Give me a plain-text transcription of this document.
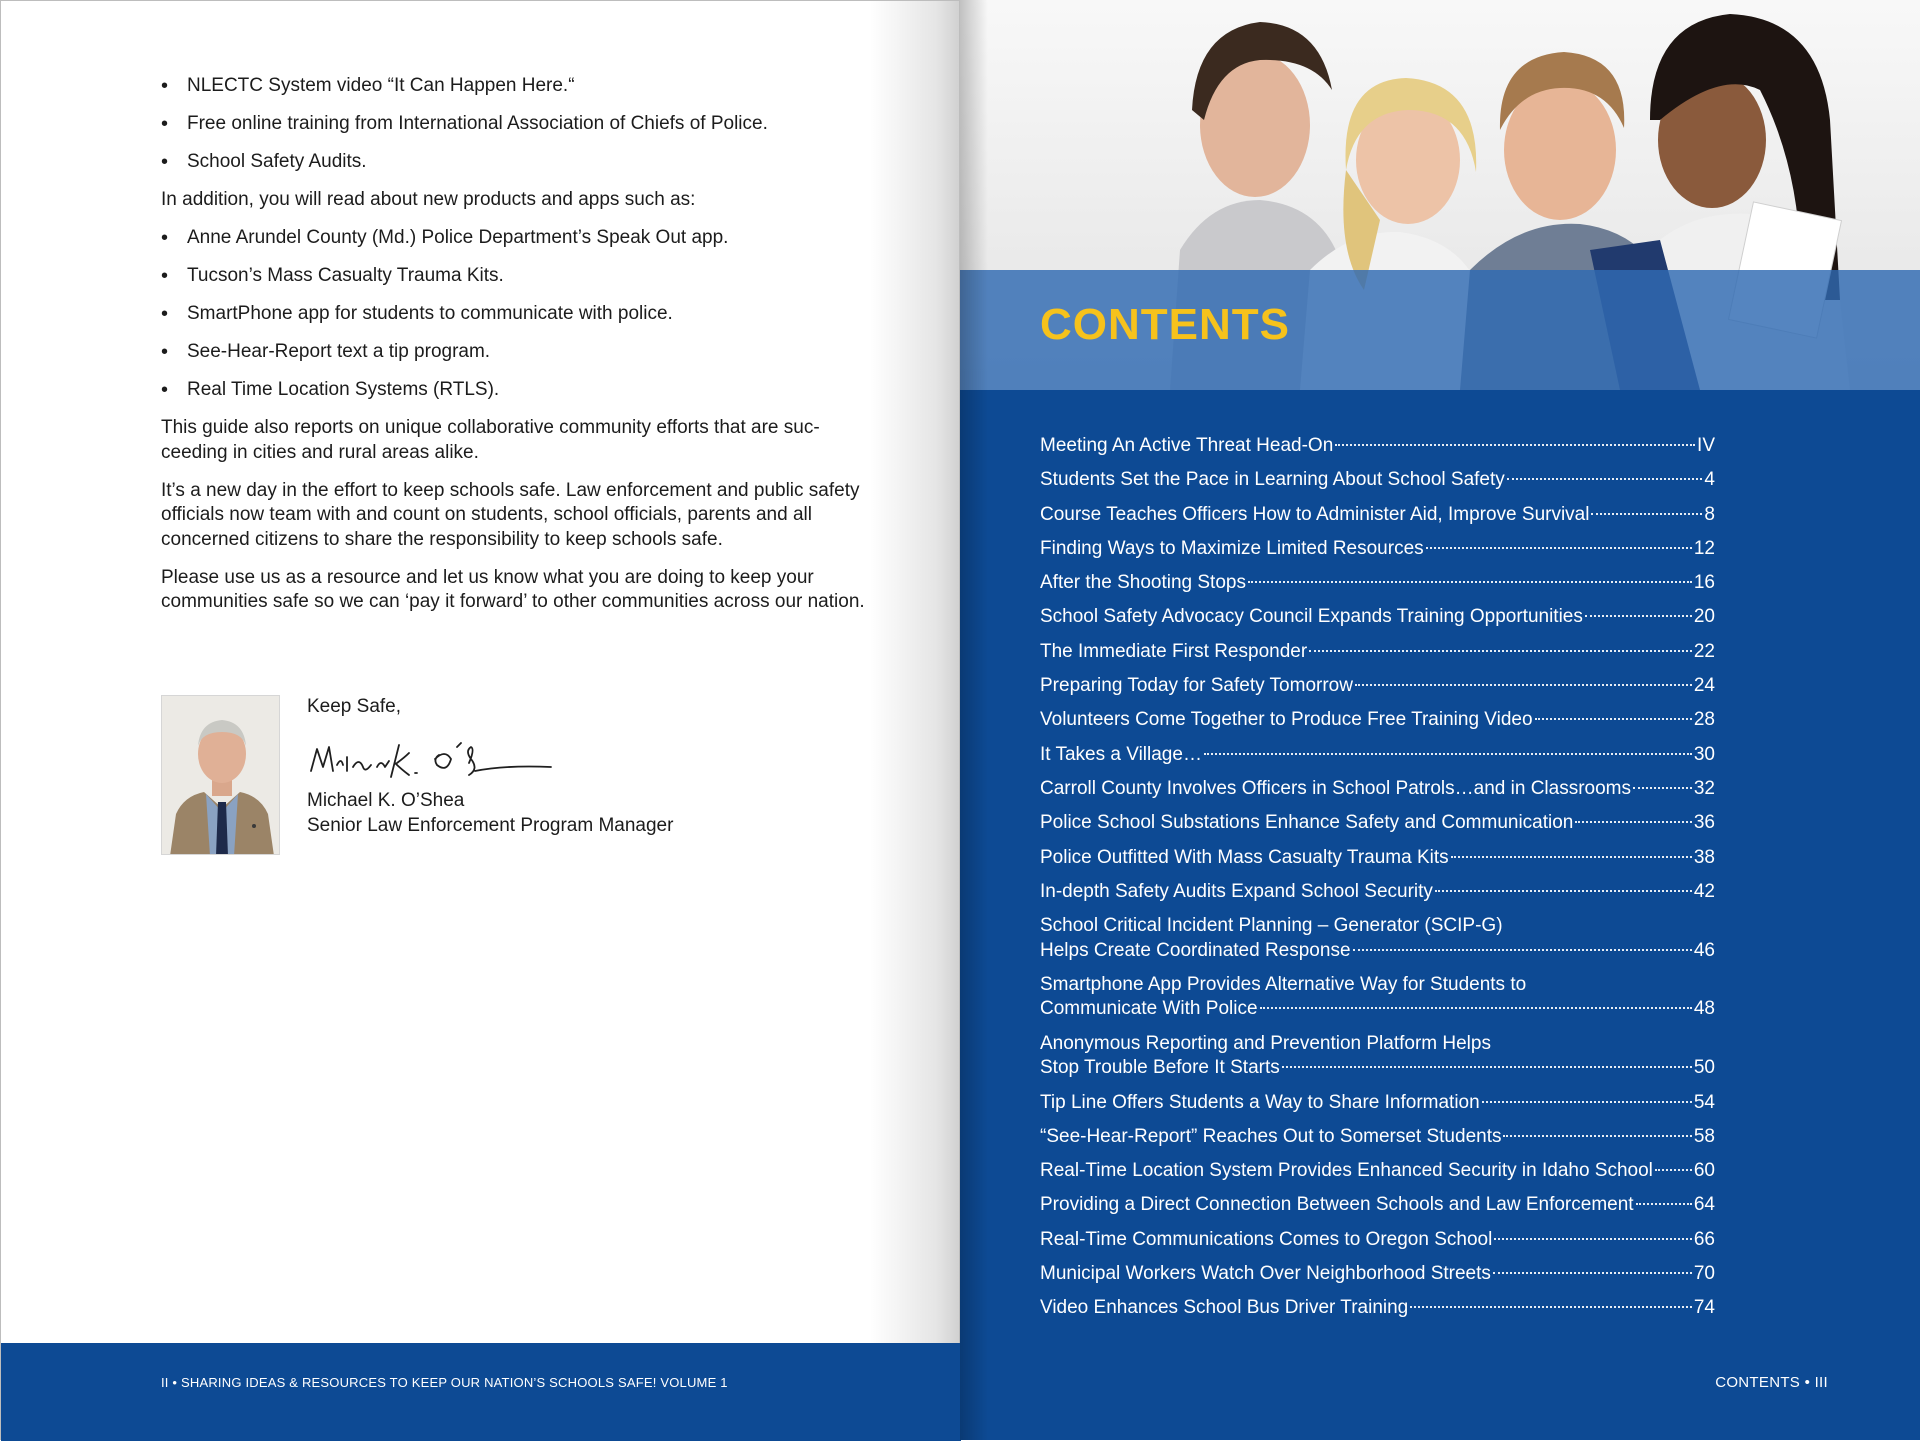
• NLECTC System video “It Can Happen Here.“
• Free online training from International Association of Chiefs of Police.
• School Safety Audits.

In addition, you will read about new products and apps such as:

• Anne Arundel County (Md.) Police Department’s Speak Out app.
• Tucson’s Mass Casualty Trauma Kits.
• SmartPhone app for students to communicate with police.
• See-Hear-Report text a tip program.
• Real Time Location Systems (RTLS).

This guide also reports on unique collaborative community efforts that are suc-ceeding in cities and rural areas alike.

It’s a new day in the effort to keep schools safe. Law enforcement and public safety officials now team with and count on students, school officials, parents and all concerned citizens to share the responsibility to keep schools safe.

Please use us as a resource and let us know what you are doing to keep your communities safe so we can ‘pay it forward’ to other communities across our nation.

Keep Safe,
Michael K. O’Shea
Senior Law Enforcement Program Manager
II • SHARING IDEAS & RESOURCES TO KEEP OUR NATION’S SCHOOLS SAFE! VOLUME 1
CONTENTS
Meeting An Active Threat Head-On	IV
Students Set the Pace in Learning About School Safety	4
Course Teaches Officers How to Administer Aid, Improve Survival	8
Finding Ways to Maximize Limited Resources	12
After the Shooting Stops	16
School Safety Advocacy Council Expands Training Opportunities	20
The Immediate First Responder	22
Preparing Today for Safety Tomorrow	24
Volunteers Come Together to Produce Free Training Video	28
It Takes a Village…	30
Carroll County Involves Officers in School Patrols…and in Classrooms	32
Police School Substations Enhance Safety and Communication	36
Police Outfitted With Mass Casualty Trauma Kits	38
In-depth Safety Audits Expand School Security	42
School Critical Incident Planning – Generator (SCIP-G)
Helps Create Coordinated Response	46
Smartphone App Provides Alternative Way for Students to
Communicate With Police	48
Anonymous Reporting and Prevention Platform Helps
Stop Trouble Before It Starts	50
Tip Line Offers Students a Way to Share Information	54
“See-Hear-Report” Reaches Out to Somerset Students	58
Real-Time Location System Provides Enhanced Security in Idaho School 60
Providing a Direct Connection Between Schools and Law Enforcement	64
Real-Time Communications Comes to Oregon School	66
Municipal Workers Watch Over Neighborhood Streets	70
Video Enhances School Bus Driver Training	74
CONTENTS • III
